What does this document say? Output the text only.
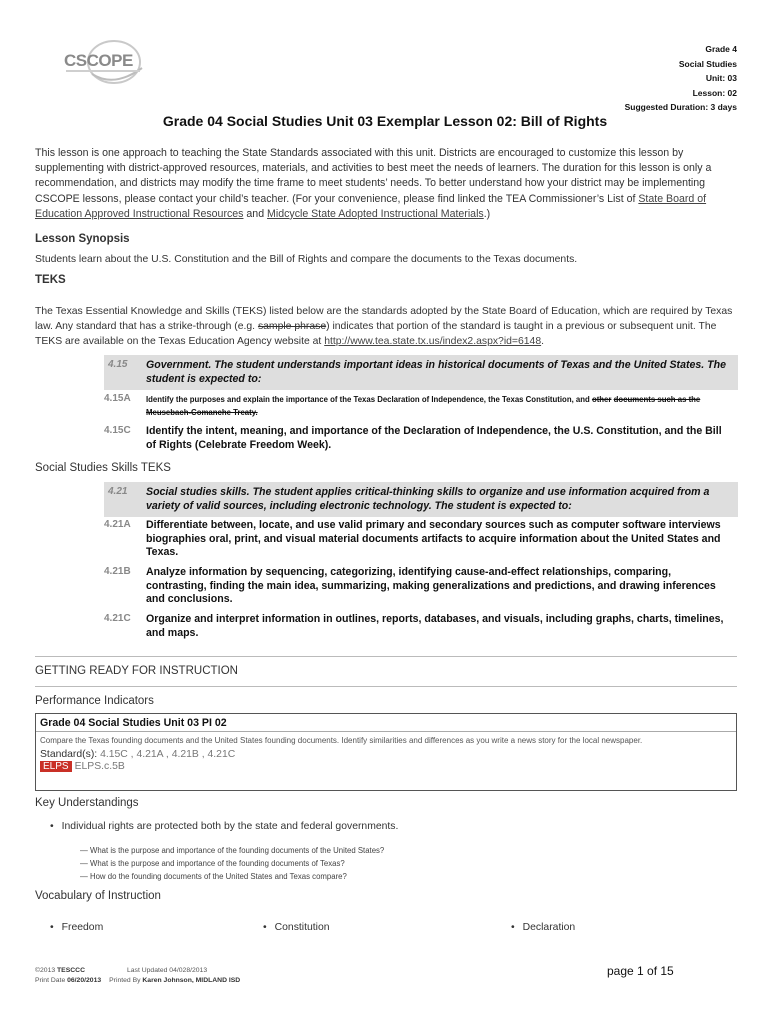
CSCOPE
Grade 4
Social Studies
Unit: 03
Lesson: 02
Suggested Duration: 3 days
Grade 04 Social Studies Unit 03 Exemplar Lesson 02: Bill of Rights
This lesson is one approach to teaching the State Standards associated with this unit. Districts are encouraged to customize this lesson by supplementing with district-approved resources, materials, and activities to best meet the needs of learners. The duration for this lesson is only a recommendation, and districts may modify the time frame to meet students’ needs. To better understand how your district may be implementing CSCOPE lessons, please contact your child’s teacher. (For your convenience, please find linked the TEA Commissioner’s List of State Board of Education Approved Instructional Resources and Midcycle State Adopted Instructional Materials.)
Lesson Synopsis
Students learn about the U.S. Constitution and the Bill of Rights and compare the documents to the Texas documents.
TEKS
The Texas Essential Knowledge and Skills (TEKS) listed below are the standards adopted by the State Board of Education, which are required by Texas law. Any standard that has a strike-through (e.g. sample phrase) indicates that portion of the standard is taught in a previous or subsequent unit. The TEKS are available on the Texas Education Agency website at http://www.tea.state.tx.us/index2.aspx?id=6148.
4.15	Government. The student understands important ideas in historical documents of Texas and the United States. The student is expected to:
4.15A	Identify the purposes and explain the importance of the Texas Declaration of Independence, the Texas Constitution, and other documents such as the Meusebach-Comanche Treaty.
4.15C	Identify the intent, meaning, and importance of the Declaration of Independence, the U.S. Constitution, and the Bill of Rights (Celebrate Freedom Week).
Social Studies Skills TEKS
4.21	Social studies skills. The student applies critical-thinking skills to organize and use information acquired from a variety of valid sources, including electronic technology. The student is expected to:
4.21A	Differentiate between, locate, and use valid primary and secondary sources such as computer software interviews biographies oral, print, and visual material documents artifacts to acquire information about the United States and Texas.
4.21B	Analyze information by sequencing, categorizing, identifying cause-and-effect relationships, comparing, contrasting, finding the main idea, summarizing, making generalizations and predictions, and drawing inferences and conclusions.
4.21C	Organize and interpret information in outlines, reports, databases, and visuals, including graphs, charts, timelines, and maps.
GETTING READY FOR INSTRUCTION
Performance Indicators
Grade 04 Social Studies Unit 03 PI 02
Compare the Texas founding documents and the United States founding documents. Identify similarities and differences as you write a news story for the local newspaper.
Standard(s): 4.15C , 4.21A , 4.21B , 4.21C
ELPS ELPS.c.5B
Key Understandings
• Individual rights are protected both by the state and federal governments.
— What is the purpose and importance of the founding documents of the United States?
— What is the purpose and importance of the founding documents of Texas?
— How do the founding documents of the United States and Texas compare?
Vocabulary of Instruction
• Freedom	• Constitution	• Declaration
©2013 TESCCC	Last Updated 04/028/2013
Print Date 06/20/2013 Printed By Karen Johnson, MIDLAND ISD
page 1 of 15
